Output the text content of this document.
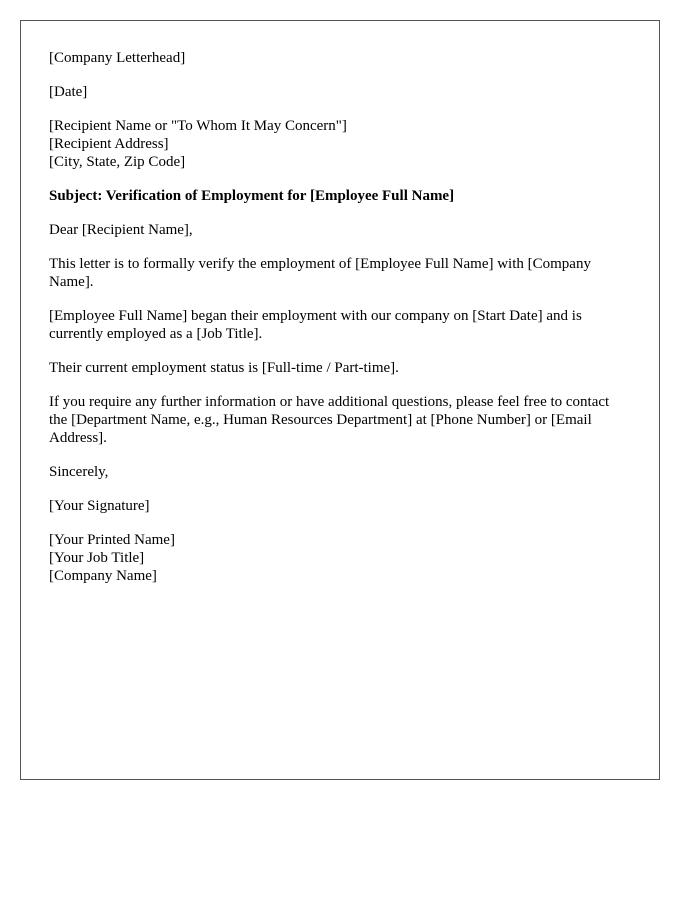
[Company Letterhead]

[Date]

[Recipient Name or "To Whom It May Concern"]
[Recipient Address]
[City, State, Zip Code]

Subject: Verification of Employment for [Employee Full Name]

Dear [Recipient Name],

This letter is to formally verify the employment of [Employee Full Name] with [Company Name].

[Employee Full Name] began their employment with our company on [Start Date] and is currently employed as a [Job Title].

Their current employment status is [Full-time / Part-time].

If you require any further information or have additional questions, please feel free to contact the [Department Name, e.g., Human Resources Department] at [Phone Number] or [Email Address].

Sincerely,

[Your Signature]

[Your Printed Name]
[Your Job Title]
[Company Name]
